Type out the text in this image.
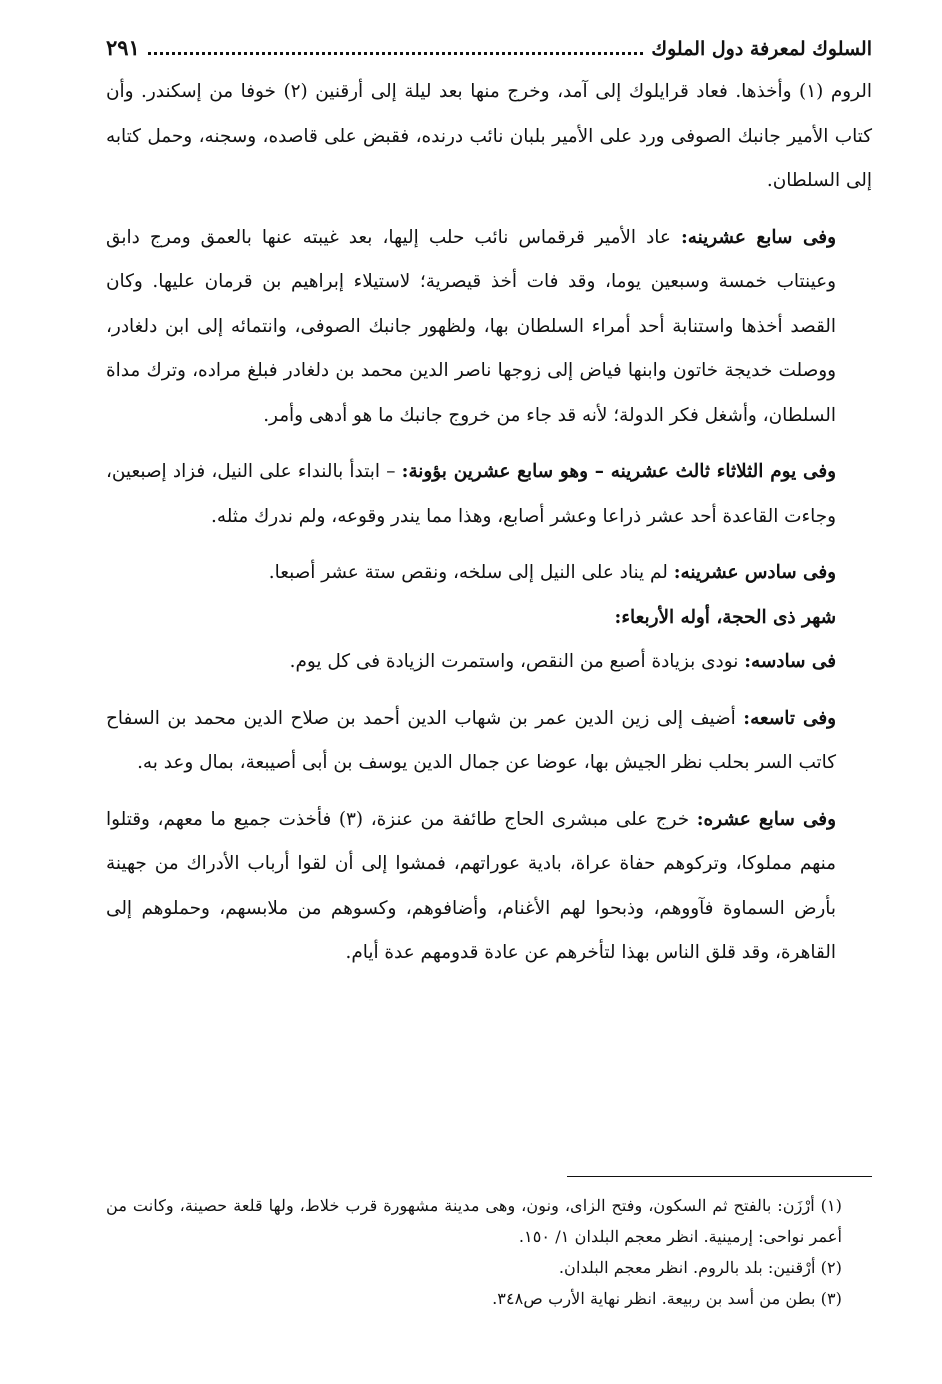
السلوك لمعرفة دول الملوك
٢٩١

الروم (١) وأخذها. فعاد قرايلوك إلى آمد، وخرج منها بعد ليلة إلى أرقنين (٢) خوفا من إسكندر. وأن كتاب الأمير جانبك الصوفى ورد على الأمير بلبان نائب درنده، فقبض على قاصده، وسجنه، وحمل كتابه إلى السلطان.

وفى سابع عشرينه: عاد الأمير قرقماس نائب حلب إليها، بعد غيبته عنها بالعمق ومرج دابق وعينتاب خمسة وسبعين يوما، وقد فات أخذ قيصرية؛ لاستيلاء إبراهيم بن قرمان عليها. وكان القصد أخذها واستنابة أحد أمراء السلطان بها، ولظهور جانبك الصوفى، وانتمائه إلى ابن دلغادر، ووصلت خديجة خاتون وابنها فياض إلى زوجها ناصر الدين محمد بن دلغادر فبلغ مراده، وترك مداة السلطان، وأشغل فكر الدولة؛ لأنه قد جاء من خروج جانبك ما هو أدهى وأمر.

وفى يوم الثلاثاء ثالث عشرينه – وهو سابع عشرين بؤونة: – ابتدأ بالنداء على النيل، فزاد إصبعين، وجاءت القاعدة أحد عشر ذراعا وعشر أصابع، وهذا مما يندر وقوعه، ولم ندرك مثله.

وفى سادس عشرينه: لم يناد على النيل إلى سلخه، ونقص ستة عشر أصبعا.

شهر ذى الحجة، أوله الأربعاء:

فى سادسه: نودى بزيادة أصبع من النقص، واستمرت الزيادة فى كل يوم.

وفى تاسعه: أضيف إلى زين الدين عمر بن شهاب الدين أحمد بن صلاح الدين محمد بن السفاح كاتب السر بحلب نظر الجيش بها، عوضا عن جمال الدين يوسف بن أبى أصيبعة، بمال وعد به.

وفى سابع عشره: خرج على مبشرى الحاج طائفة من عنزة، (٣) فأخذت جميع ما معهم، وقتلوا منهم مملوكا، وتركوهم حفاة عراة، بادية عوراتهم، فمشوا إلى أن لقوا أرباب الأدراك من جهينة بأرض السماوة فآووهم، وذبحوا لهم الأغنام، وأضافوهم، وكسوهم من ملابسهم، وحملوهم إلى القاهرة، وقد قلق الناس بهذا لتأخرهم عن عادة قدومهم عدة أيام.

(١) أرْزَن: بالفتح ثم السكون، وفتح الزاى، ونون، وهى مدينة مشهورة قرب خلاط، ولها قلعة حصينة، وكانت من أعمر نواحى: إرمينية. انظر معجم البلدان ١/ ١٥٠.

(٢) أرْقنين: بلد بالروم. انظر معجم البلدان.

(٣) بطن من أسد بن ربيعة. انظر نهاية الأرب ص٣٤٨.
